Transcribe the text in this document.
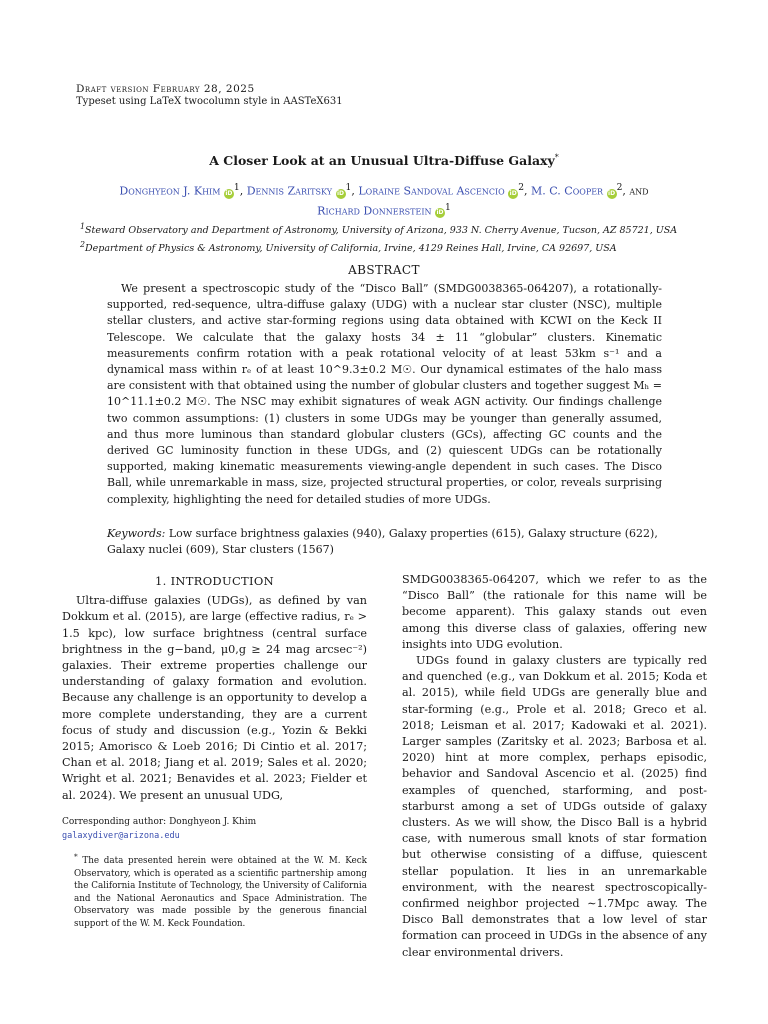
Draft version February 28, 2025
Typeset using LaTeX twocolumn style in AASTeX631
A Closer Look at an Unusual Ultra-Diffuse Galaxy*
Donghyeon J. Khim $iD^1$, Dennis Zaritsky $iD^1$, Loraine Sandoval Ascencio $iD^2$, M. C. Cooper $iD^2$, and
Richard Donnerstein $iD^1$
$^1$Steward Observatory and Department of Astronomy, University of Arizona, 933 N. Cherry Avenue, Tucson, AZ 85721, USA
$^2$Department of Physics & Astronomy, University of California, Irvine, 4129 Reines Hall, Irvine, CA 92697, USA
ABSTRACT
We present a spectroscopic study of the “Disco Ball” (SMDG0038365-064207), a rotationally-supported, red-sequence, ultra-diffuse galaxy (UDG) with a nuclear star cluster (NSC), multiple stellar clusters, and active star-forming regions using data obtained with KCWI on the Keck II Telescope. We calculate that the galaxy hosts 34 ± 11 “globular” clusters. Kinematic measurements confirm rotation with a peak rotational velocity of at least 53km s⁻¹ and a dynamical mass within rₑ of at least 10^9.3±0.2 M☉. Our dynamical estimates of the halo mass are consistent with that obtained using the number of globular clusters and together suggest Mₕ = 10^11.1±0.2 M☉. The NSC may exhibit signatures of weak AGN activity. Our findings challenge two common assumptions: (1) clusters in some UDGs may be younger than generally assumed, and thus more luminous than standard globular clusters (GCs), affecting GC counts and the derived GC luminosity function in these UDGs, and (2) quiescent UDGs can be rotationally supported, making kinematic measurements viewing-angle dependent in such cases. The Disco Ball, while unremarkable in mass, size, projected structural properties, or color, reveals surprising complexity, highlighting the need for detailed studies of more UDGs.
Keywords: Low surface brightness galaxies (940), Galaxy properties (615), Galaxy structure (622), Galaxy nuclei (609), Star clusters (1567)
1. INTRODUCTION

Ultra-diffuse galaxies (UDGs), as defined by van Dokkum et al. (2015), are large (effective radius, rₑ > 1.5 kpc), low surface brightness (central surface brightness in the g−band, μ0,g ≥ 24 mag arcsec⁻²) galaxies. Their extreme properties challenge our understanding of galaxy formation and evolution. Because any challenge is an opportunity to develop a more complete understanding, they are a current focus of study and discussion (e.g., Yozin & Bekki 2015; Amorisco & Loeb 2016; Di Cintio et al. 2017; Chan et al. 2018; Jiang et al. 2019; Sales et al. 2020; Wright et al. 2021; Benavides et al. 2023; Fielder et al. 2024). We present an unusual UDG,

SMDG0038365-064207, which we refer to as the “Disco Ball” (the rationale for this name will be become apparent). This galaxy stands out even among this diverse class of galaxies, offering new insights into UDG evolution.

UDGs found in galaxy clusters are typically red and quenched (e.g., van Dokkum et al. 2015; Koda et al. 2015), while field UDGs are generally blue and star-forming (e.g., Prole et al. 2018; Greco et al. 2018; Leisman et al. 2017; Kadowaki et al. 2021). Larger samples (Zaritsky et al. 2023; Barbosa et al. 2020) hint at more complex, perhaps episodic, behavior and Sandoval Ascencio et al. (2025) find examples of quenched, starforming, and post-starburst among a set of UDGs outside of galaxy clusters. As we will show, the Disco Ball is a hybrid case, with numerous small knots of star formation but otherwise consisting of a diffuse, quiescent stellar population. It lies in an unremarkable environment, with the nearest spectroscopically-confirmed neighbor projected ∼1.7Mpc away. The Disco Ball demonstrates that a low level of star formation can proceed in UDGs in the absence of any clear environmental drivers.

Corresponding author: Donghyeon J. Khim
galaxydiver@arizona.edu
* The data presented herein were obtained at the W. M. Keck Observatory, which is operated as a scientific partnership among the California Institute of Technology, the University of California and the National Aeronautics and Space Administration. The Observatory was made possible by the generous financial support of the W. M. Keck Foundation.
